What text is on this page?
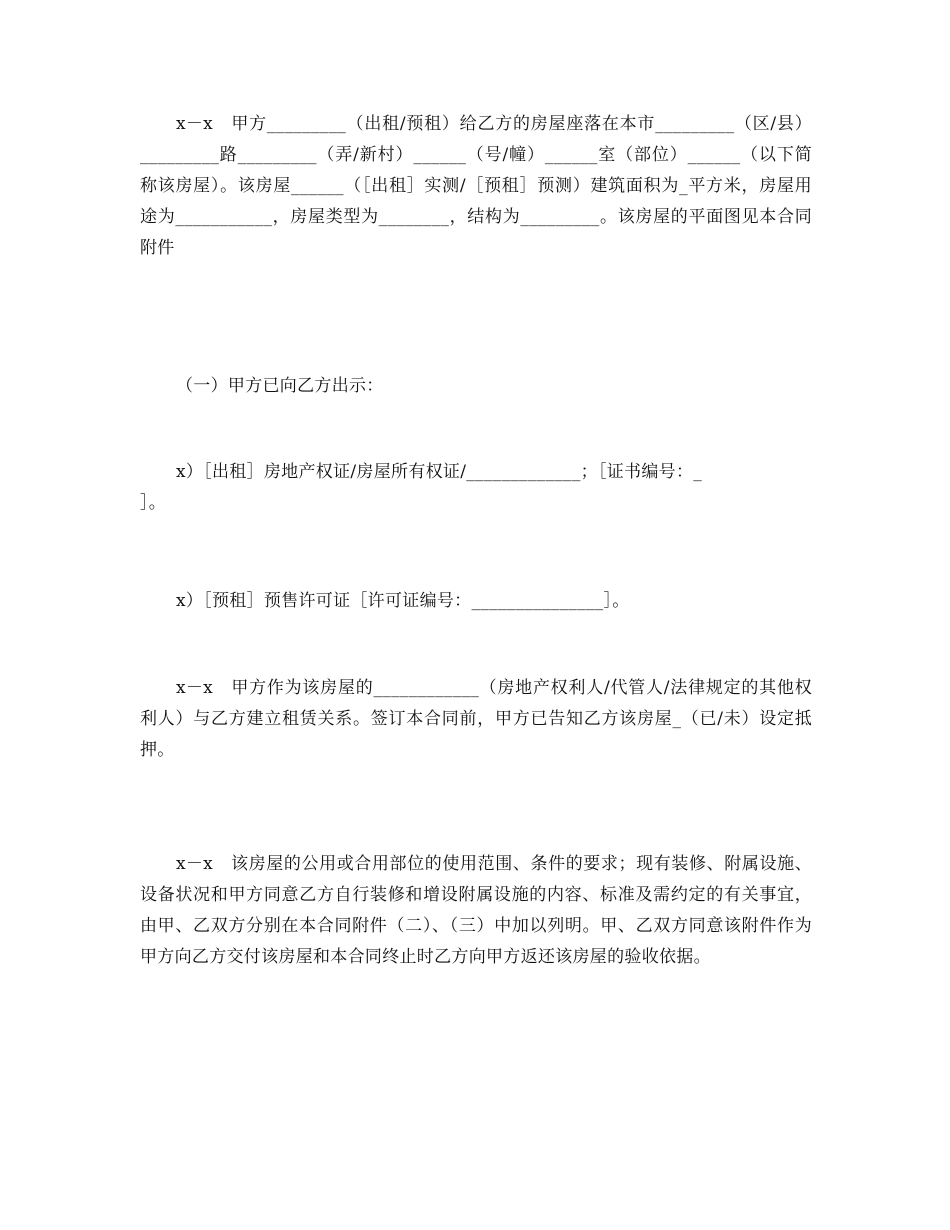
x－x　甲方_________（出租/预租）给乙方的房屋座落在本市_________（区/县）_________路_________（弄/新村）______（号/幢）______室（部位）______（以下简称该房屋）。该房屋______（［出租］实测/［预租］预测）建筑面积为_平方米，房屋用途为___________，房屋类型为________，结构为_________。该房屋的平面图见本合同附件

（一）甲方已向乙方出示：

x）［出租］房地产权证/房屋所有权证/_____________；［证书编号：_
］。

x）［预租］预售许可证［许可证编号：_______________］。

x－x　甲方作为该房屋的____________（房地产权利人/代管人/法律规定的其他权利人）与乙方建立租赁关系。签订本合同前，甲方已告知乙方该房屋_（已/未）设定抵押。

x－x　该房屋的公用或合用部位的使用范围、条件的要求；现有装修、附属设施、设备状况和甲方同意乙方自行装修和增设附属设施的内容、标准及需约定的有关事宜，由甲、乙双方分别在本合同附件（二）、（三）中加以列明。甲、乙双方同意该附件作为甲方向乙方交付该房屋和本合同终止时乙方向甲方返还该房屋的验收依据。
